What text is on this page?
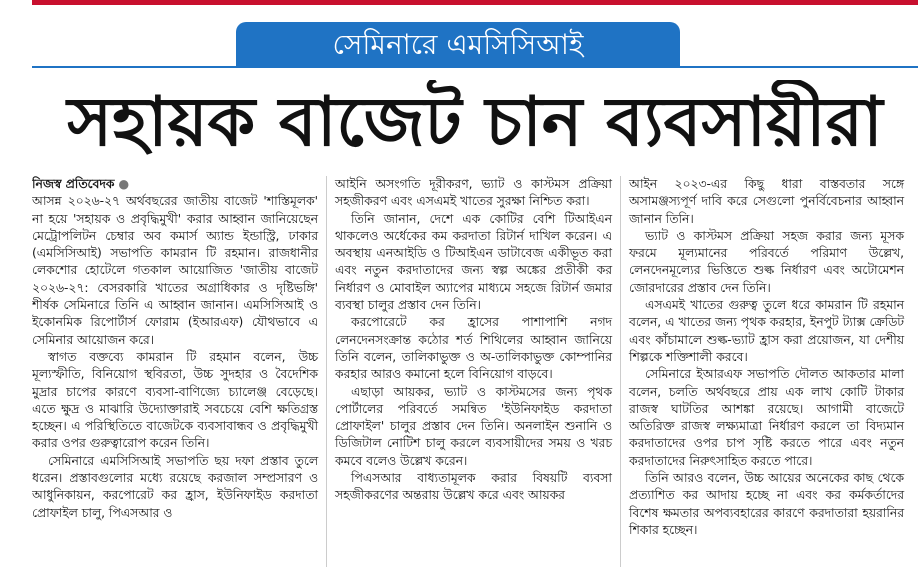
সেমিনারে এমসিসিআই
সহায়ক বাজেট চান ব্যবসায়ীরা

নিজস্ব প্রতিবেদক ●
আসন্ন ২০২৬-২৭ অর্থবছরের জাতীয় বাজেট 'শাস্তিমূলক' না হয়ে 'সহায়ক ও প্রবৃদ্ধিমুখী' করার আহ্বান জানিয়েছেন মেট্রোপলিটন চেম্বার অব কমার্স অ্যান্ড ইন্ডাস্ট্রি, ঢাকার (এমসিসিআই) সভাপতি কামরান টি রহমান। রাজধানীর লেকশোর হোটেলে গতকাল আয়োজিত 'জাতীয় বাজেট ২০২৬-২৭: বেসরকারি খাতের অগ্রাধিকার ও দৃষ্টিভঙ্গি' শীর্ষক সেমিনারে তিনি এ আহ্বান জানান। এমসিসিআই ও ইকোনমিক রিপোর্টার্স ফোরাম (ইআরএফ) যৌথভাবে এ সেমিনার আয়োজন করে।

স্বাগত বক্তব্যে কামরান টি রহমান বলেন, উচ্চ মূল্যস্ফীতি, বিনিয়োগ স্থবিরতা, উচ্চ সুদহার ও বৈদেশিক মুদ্রার চাপের কারণে ব্যবসা-বাণিজ্যে চ্যালেঞ্জ বেড়েছে। এতে ক্ষুদ্র ও মাঝারি উদ্যোক্তারাই সবচেয়ে বেশি ক্ষতিগ্রস্ত হচ্ছেন। এ পরিস্থিতিতে বাজেটকে ব্যবসাবান্ধব ও প্রবৃদ্ধিমুখী করার ওপর গুরুত্বারোপ করেন তিনি।

সেমিনারে এমসিসিআই সভাপতি ছয় দফা প্রস্তাব তুলে ধরেন। প্রস্তাবগুলোর মধ্যে রয়েছে করজাল সম্প্রসারণ ও আধুনিকায়ন, করপোরেট কর হ্রাস, ইউনিফাইড করদাতা প্রোফাইল চালু, পিএসআর ও

আইনি অসংগতি দূরীকরণ, ভ্যাট ও কাস্টমস প্রক্রিয়া সহজীকরণ এবং এসএমই খাতের সুরক্ষা নিশ্চিত করা।

তিনি জানান, দেশে এক কোটির বেশি টিআইএন থাকলেও অর্ধেকের কম করদাতা রিটার্ন দাখিল করেন। এ অবস্থায় এনআইডি ও টিআইএন ডাটাবেজ একীভূত করা এবং নতুন করদাতাদের জন্য স্বল্প অঙ্কের প্রতীকী কর নির্ধারণ ও মোবাইল অ্যাপের মাধ্যমে সহজে রিটার্ন জমার ব্যবস্থা চালুর প্রস্তাব দেন তিনি।

করপোরেটে কর হ্রাসের পাশাপাশি নগদ লেনদেনসংক্রান্ত কঠোর শর্ত শিথিলের আহ্বান জানিয়ে তিনি বলেন, তালিকাভুক্ত ও অ-তালিকাভুক্ত কোম্পানির করহার আরও কমানো হলে বিনিয়োগ বাড়বে।

এছাড়া আয়কর, ভ্যাট ও কাস্টমসের জন্য পৃথক পোর্টালের পরিবর্তে সমন্বিত 'ইউনিফাইড করদাতা প্রোফাইল' চালুর প্রস্তাব দেন তিনি। অনলাইন শুনানি ও ডিজিটাল নোটিশ চালু করলে ব্যবসায়ীদের সময় ও খরচ কমবে বলেও উল্লেখ করেন।

পিএসআর বাধ্যতামূলক করার বিষয়টি ব্যবসা সহজীকরণের অন্তরায় উল্লেখ করে এবং আয়কর

আইন ২০২৩-এর কিছু ধারা বাস্তবতার সঙ্গে অসামঞ্জস্যপূর্ণ দাবি করে সেগুলো পুনর্বিবেচনার আহ্বান জানান তিনি।

ভ্যাট ও কাস্টমস প্রক্রিয়া সহজ করার জন্য মূসক ফরমে মূল্যমানের পরিবর্তে পরিমাণ উল্লেখ, লেনদেনমূল্যের ভিত্তিতে শুল্ক নির্ধারণ এবং অটোমেশন জোরদারের প্রস্তাব দেন তিনি।

এসএমই খাতের গুরুত্ব তুলে ধরে কামরান টি রহমান বলেন, এ খাতের জন্য পৃথক করহার, ইনপুট ট্যাক্স ক্রেডিট এবং কাঁচামালে শুল্ক-ভ্যাট হ্রাস করা প্রয়োজন, যা দেশীয় শিল্পকে শক্তিশালী করবে।

সেমিনারে ইআরএফ সভাপতি দৌলত আকতার মালা বলেন, চলতি অর্থবছরে প্রায় এক লাখ কোটি টাকার রাজস্ব ঘাটতির আশঙ্কা রয়েছে। আগামী বাজেটে অতিরিক্ত রাজস্ব লক্ষ্যমাত্রা নির্ধারণ করলে তা বিদ্যমান করদাতাদের ওপর চাপ সৃষ্টি করতে পারে এবং নতুন করদাতাদের নিরুৎসাহিত করতে পারে।

তিনি আরও বলেন, উচ্চ আয়ের অনেকের কাছ থেকে প্রত্যাশিত কর আদায় হচ্ছে না এবং কর কর্মকর্তাদের বিশেষ ক্ষমতার অপব্যবহারের কারণে করদাতারা হয়রানির শিকার হচ্ছেন।
